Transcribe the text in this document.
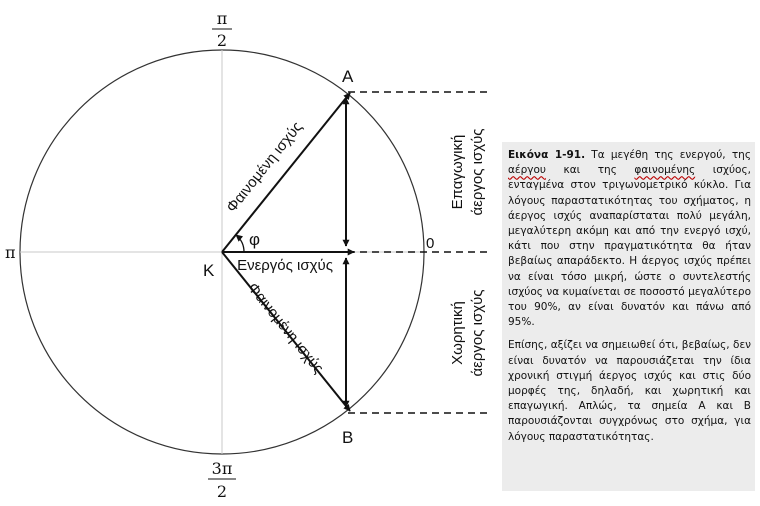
π
2
3π
2
π	0
A
B
K
φ
Φαινομένη ισχύς
Φαινομένη ισχύς
Ενεργός ισχύς
Επαγωγική άεργος ισχύς
Χωρητική άεργος ισχύς

Εικόνα 1-91. Τα μεγέθη της ενεργού, της αέργου και της φαινομένης ισχύος, ενταγμένα στον τριγωνομετρικό κύκλο. Για λόγους παραστατικότητας του σχήματος, η άεργος ισχύς αναπαρίσταται πολύ μεγάλη, μεγαλύτερη ακόμη και από την ενεργό ισχύ, κάτι που στην πραγματικότητα θα ήταν βεβαίως απαράδεκτο. Η άεργος ισχύς πρέπει να είναι τόσο μικρή, ώστε ο συντελεστής ισχύος να κυμαίνεται σε ποσοστό μεγαλύτερο του 90%, αν είναι δυνατόν και πάνω από 95%.

Επίσης, αξίζει να σημειωθεί ότι, βεβαίως, δεν είναι δυνατόν να παρουσιάζεται την ίδια χρονική στιγμή άεργος ισχύς και στις δύο μορφές της, δηλαδή, και χωρητική και επαγωγική. Απλώς, τα σημεία Α και Β παρουσιάζονται συγχρόνως στο σχήμα, για λόγους παραστατικότητας.
